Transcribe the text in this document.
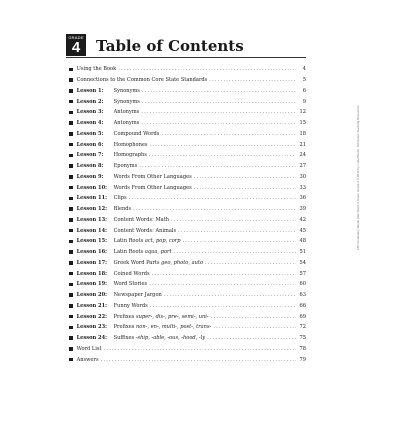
GRADE
4 Table of Contents
Using the Book .....	4
Connections to the Common Core State Standards .....	5
Lesson 1:	Synonyms .....	6
Lesson 2:	Synonyms .....	9
Lesson 3:	Antonyms .....	12
Lesson 4:	Antonyms .....	15
Lesson 5:	Compound Words .....	18
Lesson 6:	Homophones .....	21
Lesson 7:	Homographs .....	24
Lesson 8:	Eponyms .....	27
Lesson 9:	Words From Other Languages .....	30
Lesson 10:	Words From Other Languages .....	33
Lesson 11:	Clips .....	36
Lesson 12:	Blends .....	39
Lesson 13:	Content Words: Math .....	42
Lesson 14:	Content Words: Animals .....	45
Lesson 15:	Latin Roots act, pop, corp .....	48
Lesson 16:	Latin Roots aqua, port .....	51
Lesson 17:	Greek Word Parts geo, photo, auto .....	54
Lesson 18:	Coined Words .....	57
Lesson 19:	Word Stories .....	60
Lesson 20:	Newspaper Jargon .....	63
Lesson 21:	Funny Words .....	66
Lesson 22:	Prefixes super-, dis-, pre-, semi-, uni- .....	69
Lesson 23:	Prefixes non-, en-, multi-, post-, trans- .....	72
Lesson 24:	Suffixes -ship, -able, -ous, -hood, -ly .....	75
Word List .....	78
Answers .....	79
180 Vocabulary Words Kids Need to Know: Grade 4 © 2012 by Linda Beech, Scholastic Teaching Resources
